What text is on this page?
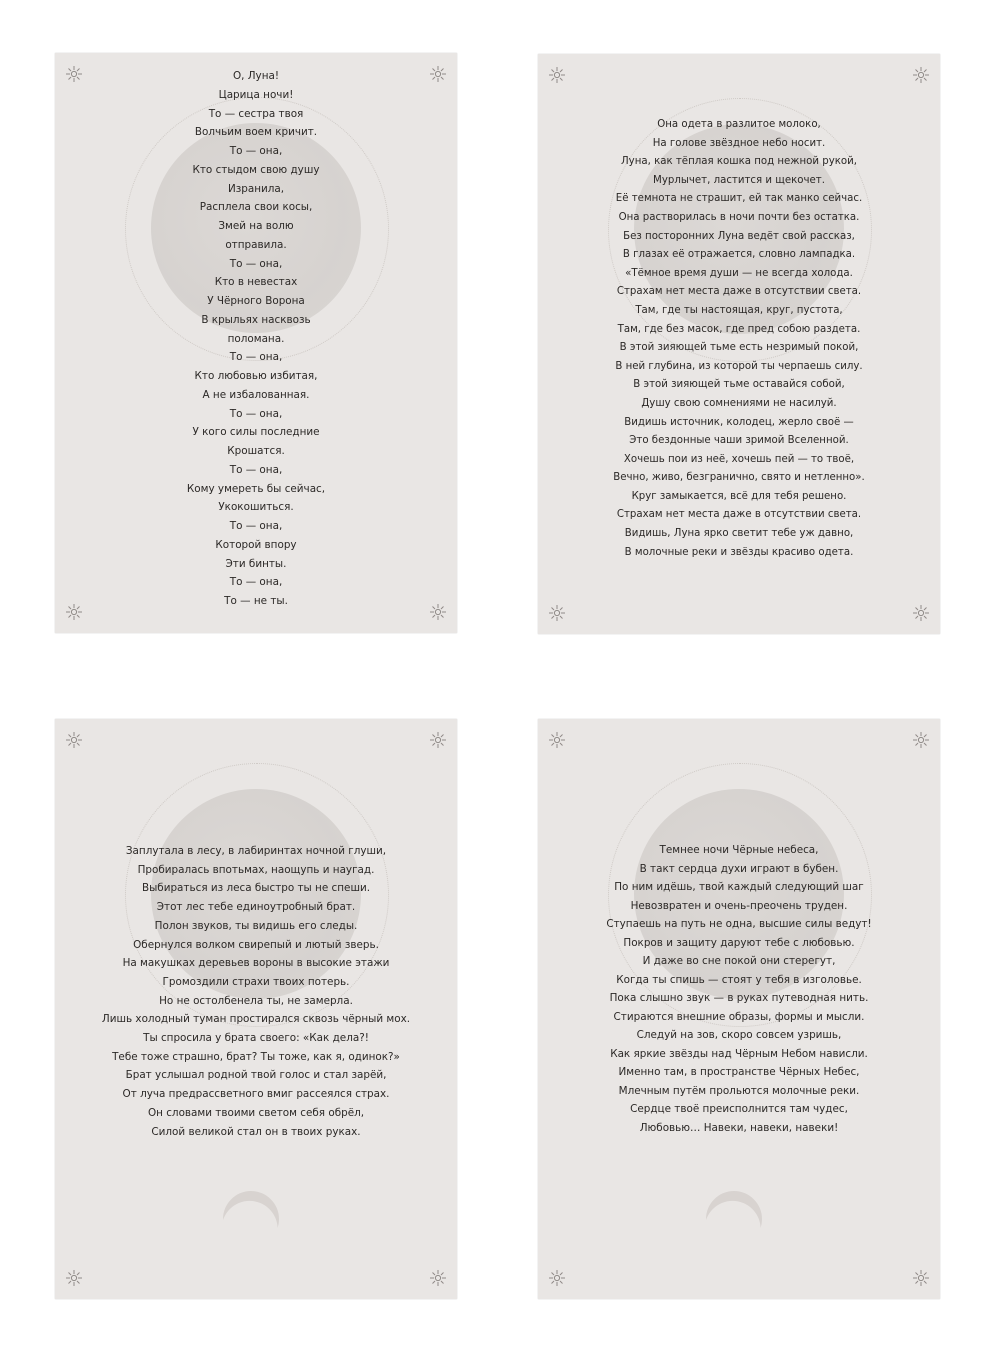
О, Луна!
Царица ночи!
То — сестра твоя
Волчьим воем кричит.
То — она,
Кто стыдом свою душу
Изранила,
Расплела свои косы,
Змей на волю
отправила.
То — она,
Кто в невестах
У Чёрного Ворона
В крыльях насквозь
поломана.
То — она,
Кто любовью избитая,
А не избалованная.
То — она,
У кого силы последние
Крошатся.
То — она,
Кому умереть бы сейчас,
Укокошиться.
То — она,
Которой впору
Эти бинты.
То — она,
То — не ты.
Она одета в разлитое молоко,
На голове звёздное небо носит.
Луна, как тёплая кошка под нежной рукой,
Мурлычет, ластится и щекочет.
Её темнота не страшит, ей так манко сейчас.
Она растворилась в ночи почти без остатка.
Без посторонних Луна ведёт свой рассказ,
В глазах её отражается, словно лампадка.
«Тёмное время души — не всегда холода.
Страхам нет места даже в отсутствии света.
Там, где ты настоящая, круг, пустота,
Там, где без масок, где пред собою раздета.
В этой зияющей тьме есть незримый покой,
В ней глубина, из которой ты черпаешь силу.
В этой зияющей тьме оставайся собой,
Душу свою сомнениями не насилуй.
Видишь источник, колодец, жерло своё —
Это бездонные чаши зримой Вселенной.
Хочешь пои из неё, хочешь пей — то твоё,
Вечно, живо, безгранично, свято и нетленно».
Круг замыкается, всё для тебя решено.
Страхам нет места даже в отсутствии света.
Видишь, Луна ярко светит тебе уж давно,
В молочные реки и звёзды красиво одета.
Заплутала в лесу, в лабиринтах ночной глуши,
Пробиралась впотьмах, наощупь и наугад.
Выбираться из леса быстро ты не спеши.
Этот лес тебе единоутробный брат.
Полон звуков, ты видишь его следы.
Обернулся волком свирепый и лютый зверь.
На макушках деревьев вороны в высокие этажи
Громоздили страхи твоих потерь.
Но не остолбенела ты, не замерла.
Лишь холодный туман простирался сквозь чёрный мох.
Ты спросила у брата своего: «Как дела?!
Тебе тоже страшно, брат? Ты тоже, как я, одинок?»
Брат услышал родной твой голос и стал зарёй,
От луча предрассветного вмиг рассеялся страх.
Он словами твоими светом себя обрёл,
Силой великой стал он в твоих руках.
Темнее ночи Чёрные небеса,
В такт сердца духи играют в бубен.
По ним идёшь, твой каждый следующий шаг
Невозвратен и очень-преочень труден.
Ступаешь на путь не одна, высшие силы ведут!
Покров и защиту даруют тебе с любовью.
И даже во сне покой они стерегут,
Когда ты спишь — стоят у тебя в изголовье.
Пока слышно звук — в руках путеводная нить.
Стираются внешние образы, формы и мысли.
Следуй на зов, скоро совсем узришь,
Как яркие звёзды над Чёрным Небом нависли.
Именно там, в пространстве Чёрных Небес,
Млечным путём прольются молочные реки.
Сердце твоё преисполнится там чудес,
Любовью… Навеки, навеки, навеки!
